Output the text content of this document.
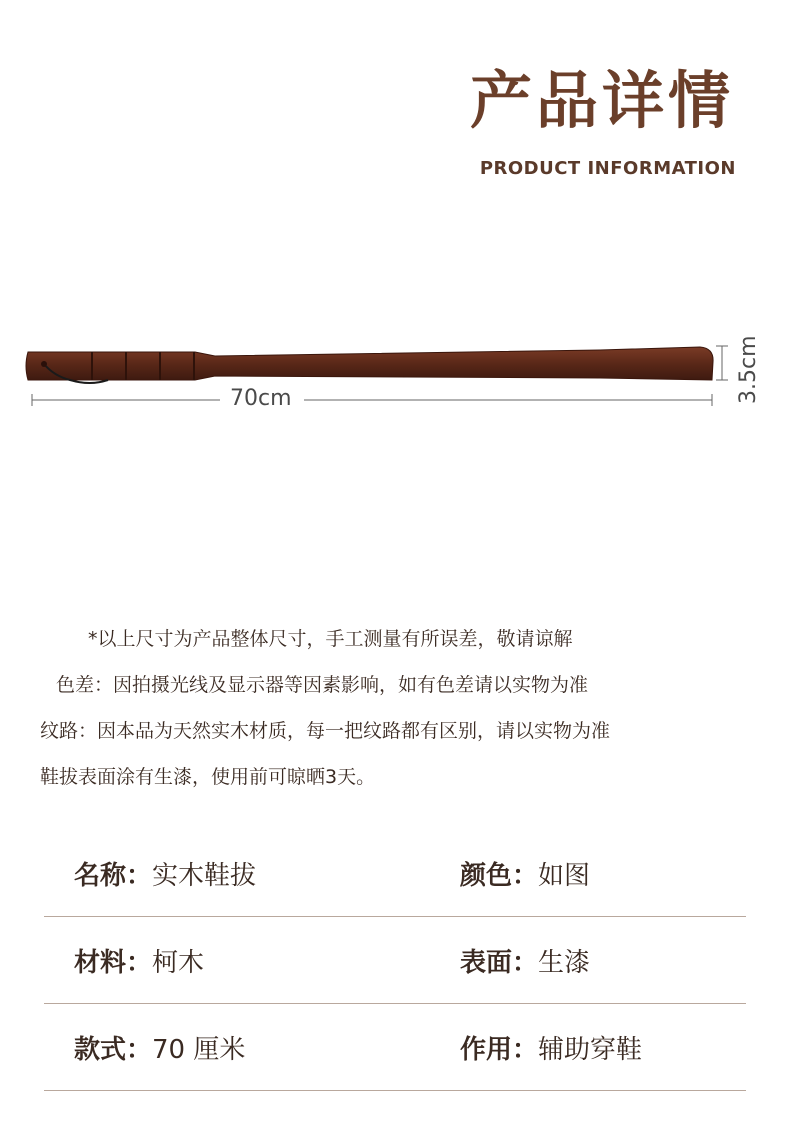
产品详情
PRODUCT INFORMATION
70cm	3.5cm
*以上尺寸为产品整体尺寸，手工测量有所误差，敬请谅解
色差：因拍摄光线及显示器等因素影响，如有色差请以实物为准
纹路：因本品为天然实木材质，每一把纹路都有区别，请以实物为准
鞋拔表面涂有生漆，使用前可晾晒3天。
名称： 实木鞋拔	颜色： 如图
材料： 柯木	表面： 生漆
款式： 70 厘米	作用： 辅助穿鞋
